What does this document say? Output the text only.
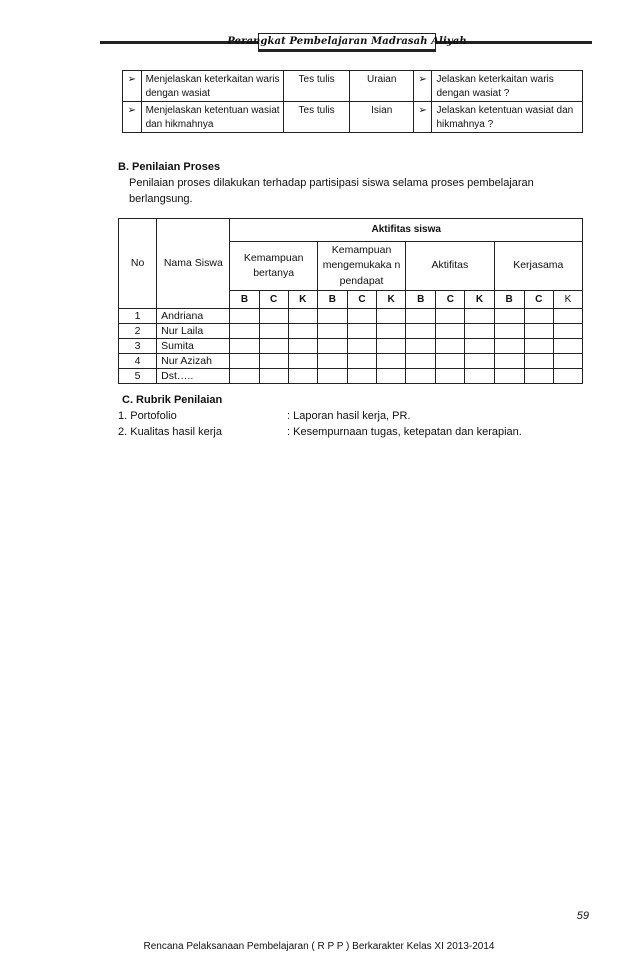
Perangkat Pembelajaran Madrasah Aliyah
➢	Menjelaskan keterkaitan waris dengan wasiat	Tes tulis	Uraian	➢	Jelaskan keterkaitan waris dengan wasiat ?
➢	Menjelaskan ketentuan wasiat dan hikmahnya	Tes tulis	Isian	➢	Jelaskan ketentuan wasiat dan hikmahnya ?
B. Penilaian Proses
Penilaian proses dilakukan terhadap partisipasi siswa selama proses pembelajaran berlangsung.
No	Nama Siswa	Aktifitas siswa											
		Kemampuan bertanya			Kemampuan mengemukaka n pendapat			Aktifitas			Kerjasama		
		B	C	K	B	C	K	B	C	K	B	C	K
1	Andriana												
2	Nur Laila												
3	Sumita												
4	Nur Azizah												
5	Dst…..												
C. Rubrik Penilaian
1. Portofolio	: Laporan hasil kerja, PR.
2. Kualitas hasil kerja	: Kesempurnaan tugas, ketepatan dan kerapian.
59
Rencana Pelaksanaan Pembelajaran ( R P P ) Berkarakter Kelas XI 2013-2014
